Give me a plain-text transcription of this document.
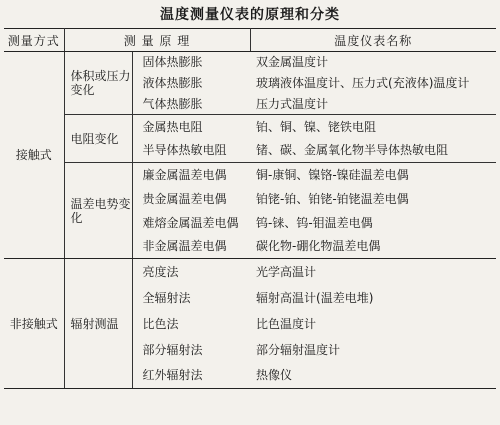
温度测量仪表的原理和分类
测量方式	测 量 原 理		温度仪表名称
接触式	体积或压力变化	固体热膨胀	双金属温度计
		液体热膨胀	玻璃液体温度计、压力式(充液体)温度计
		气体热膨胀	压力式温度计
	电阻变化	金属热电阻	铂、铜、镍、铑铁电阻
		半导体热敏电阻	锗、碳、金属氧化物半导体热敏电阻
	温差电势变化	廉金属温差电偶	铜-康铜、镍铬-镍硅温差电偶
		贵金属温差电偶	铂铑-铂、铂铑-铂铑温差电偶
		难熔金属温差电偶	钨-铼、钨-钼温差电偶
		非金属温差电偶	碳化物-硼化物温差电偶
非接触式	辐射测温	亮度法	光学高温计
		全辐射法	辐射高温计(温差电堆)
		比色法	比色温度计
		部分辐射法	部分辐射温度计
		红外辐射法	热像仪
